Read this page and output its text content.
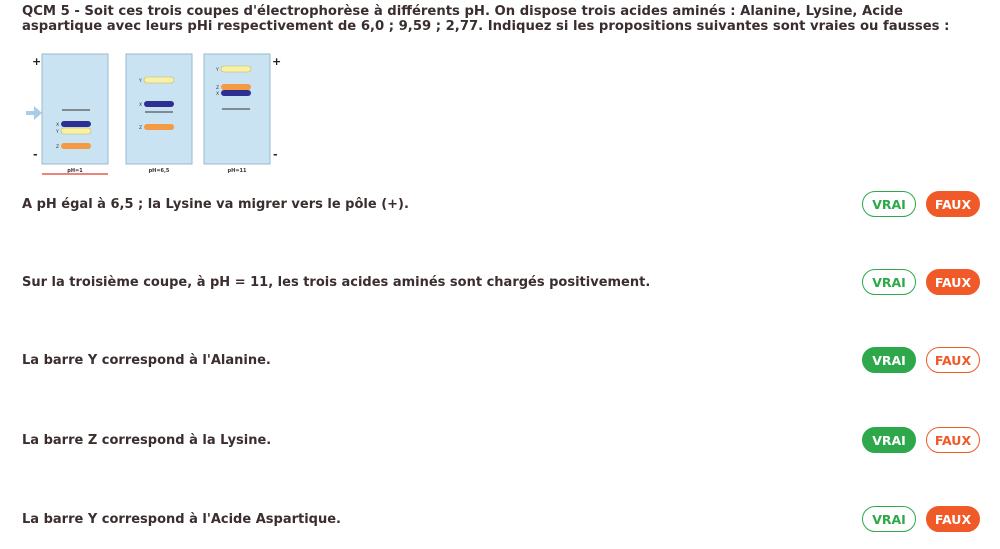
QCM 5 - Soit ces trois coupes d'électrophorèse à différents pH. On dispose trois acides aminés : Alanine, Lysine, Acide aspartique avec leurs pHi respectivement de 6,0 ; 9,59 ; 2,77. Indiquez si les propositions suivantes sont vraies ou fausses :
+
-
+
-
X
Y
Z
pH=1
Y
X
Z
pH=6,5
Y
Z
X
pH=11
A pH égal à 6,5 ; la Lysine va migrer vers le pôle (+).	VRAI	FAUX
Sur la troisième coupe, à pH = 11, les trois acides aminés sont chargés positivement.	VRAI	FAUX
La barre Y correspond à l'Alanine.	VRAI	FAUX
La barre Z correspond à la Lysine.	VRAI	FAUX
La barre Y correspond à l'Acide Aspartique.	VRAI	FAUX
